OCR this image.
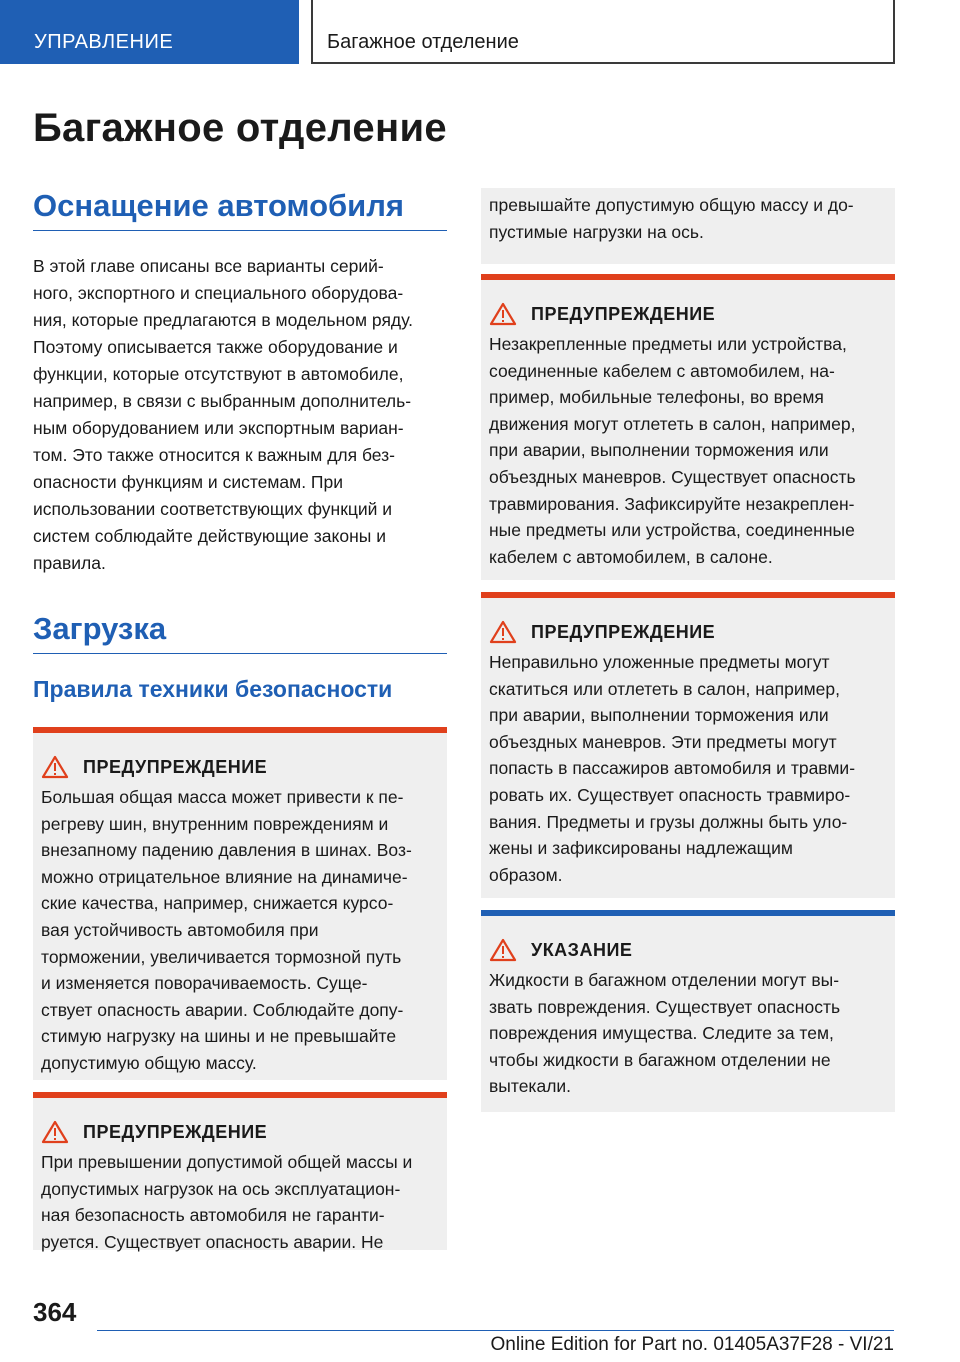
УПРАВЛЕНИЕ	Багажное отделение
Багажное отделение
Оснащение автомобиля

В этой главе описаны все варианты серий-
ного, экспортного и специального оборудова-
ния, которые предлагаются в модельном ряду.
Поэтому описывается также оборудование и
функции, которые отсутствуют в автомобиле,
например, в связи с выбранным дополнитель-
ным оборудованием или экспортным вариан-
том. Это также относится к важным для без-
опасности функциям и системам. При
использовании соответствующих функций и
систем соблюдайте действующие законы и
правила.

Загрузка
Правила техники безопасности
ПРЕДУПРЕЖДЕНИЕ

Большая общая масса может привести к пе-
регреву шин, внутренним повреждениям и
внезапному падению давления в шинах. Воз-
можно отрицательное влияние на динамиче-
ские качества, например, снижается курсо-
вая устойчивость автомобиля при
торможении, увеличивается тормозной путь
и изменяется поворачиваемость. Суще-
ствует опасность аварии. Соблюдайте допу-
стимую нагрузку на шины и не превышайте
допустимую общую массу.

ПРЕДУПРЕЖДЕНИЕ

При превышении допустимой общей массы и
допустимых нагрузок на ось эксплуатацион-
ная безопасность автомобиля не гаранти-
руется. Существует опасность аварии. Не

превышайте допустимую общую массу и до-
пустимые нагрузки на ось.

ПРЕДУПРЕЖДЕНИЕ

Незакрепленные предметы или устройства,
соединенные кабелем с автомобилем, на-
пример, мобильные телефоны, во время
движения могут отлететь в салон, например,
при аварии, выполнении торможения или
объездных маневров. Существует опасность
травмирования. Зафиксируйте незакреплен-
ные предметы или устройства, соединенные
кабелем с автомобилем, в салоне.

ПРЕДУПРЕЖДЕНИЕ

Неправильно уложенные предметы могут
скатиться или отлететь в салон, например,
при аварии, выполнении торможения или
объездных маневров. Эти предметы могут
попасть в пассажиров автомобиля и травми-
ровать их. Существует опасность травмиро-
вания. Предметы и грузы должны быть уло-
жены и зафиксированы надлежащим
образом.

УКАЗАНИЕ

Жидкости в багажном отделении могут вы-
звать повреждения. Существует опасность
повреждения имущества. Следите за тем,
чтобы жидкости в багажном отделении не
вытекали.

364
Online Edition for Part no. 01405A37F28 - VI/21
